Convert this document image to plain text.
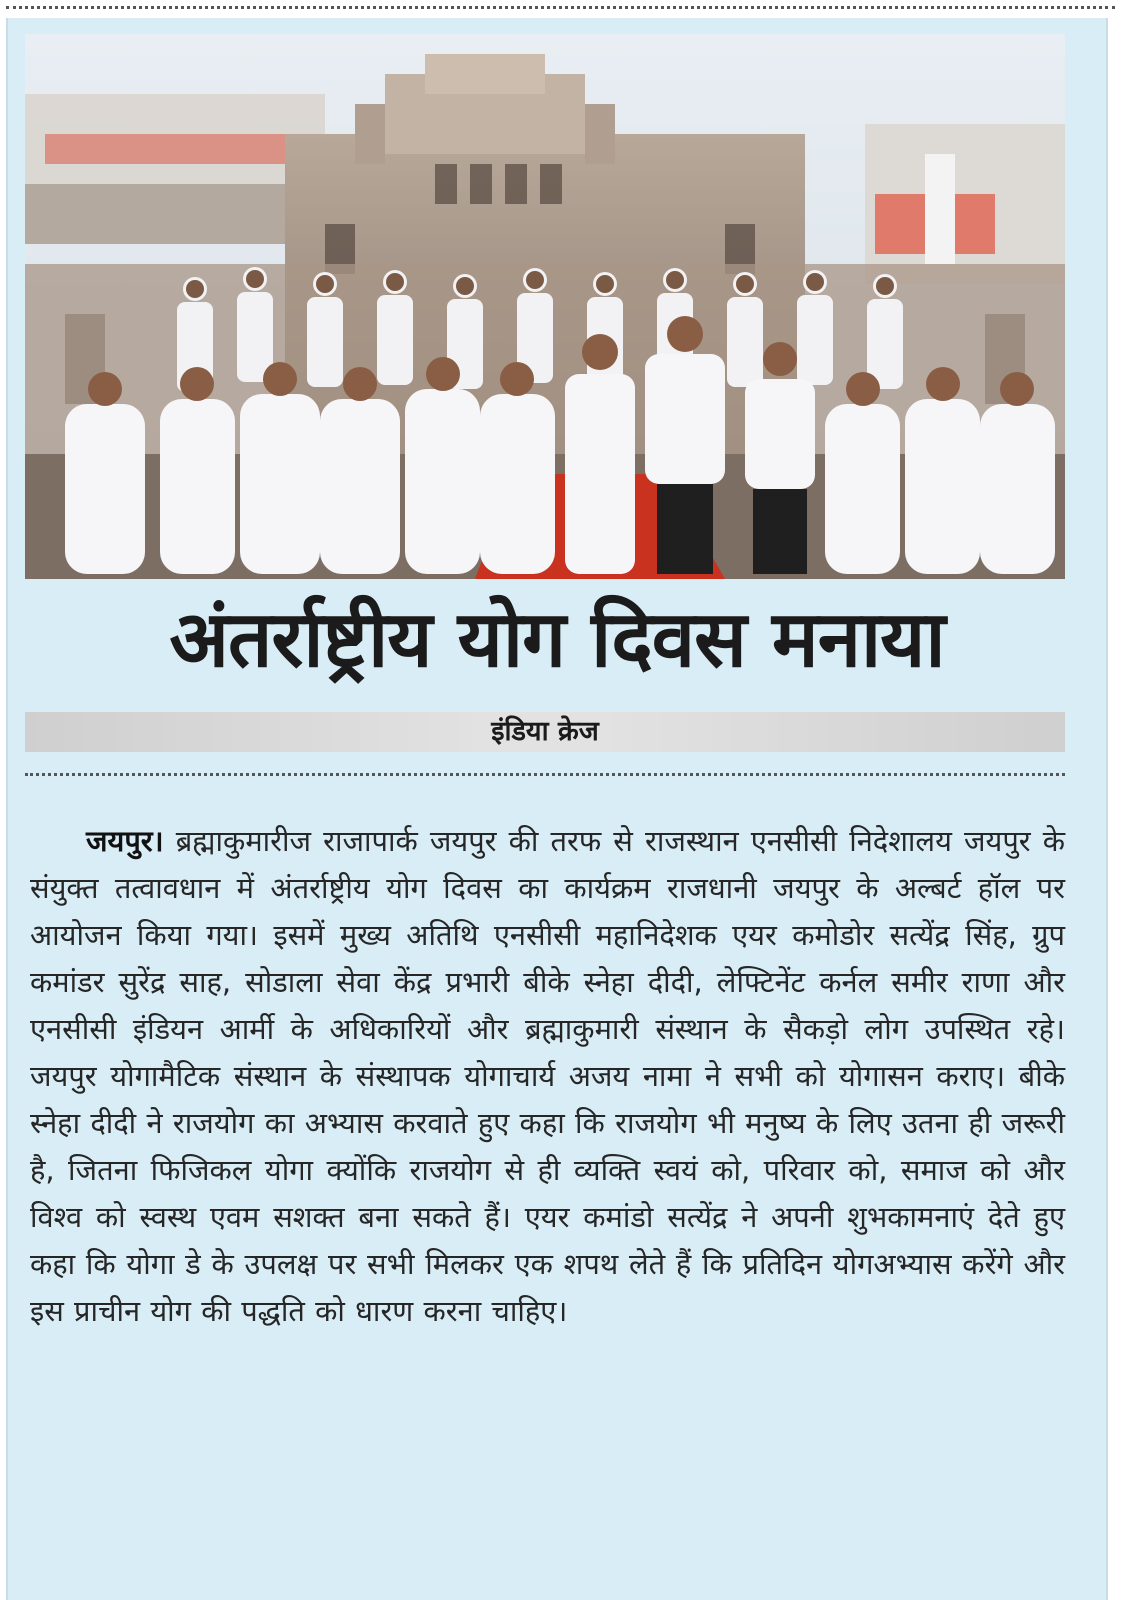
अंतर्राष्ट्रीय योग दिवस मनाया
इंडिया क्रेज

जयपुर। ब्रह्माकुमारीज राजापार्क जयपुर की तरफ से राजस्थान एनसीसी निदेशालय जयपुर के संयुक्त तत्वावधान में अंतर्राष्ट्रीय योग दिवस का कार्यक्रम राजधानी जयपुर के अल्बर्ट हॉल पर आयोजन किया गया। इसमें मुख्य अतिथि एनसीसी महानिदेशक एयर कमोडोर सत्येंद्र सिंह, ग्रुप कमांडर सुरेंद्र साह, सोडाला सेवा केंद्र प्रभारी बीके स्नेहा दीदी, लेफ्टिनेंट कर्नल समीर राणा और एनसीसी इंडियन आर्मी के अधिकारियों और ब्रह्माकुमारी संस्थान के सैकड़ो लोग उपस्थित रहे। जयपुर योगामैटिक संस्थान के संस्थापक योगाचार्य अजय नामा ने सभी को योगासन कराए। बीके स्नेहा दीदी ने राजयोग का अभ्यास करवाते हुए कहा कि राजयोग भी मनुष्य के लिए उतना ही जरूरी है, जितना फिजिकल योगा क्योंकि राजयोग से ही व्यक्ति स्वयं को, परिवार को, समाज को और विश्व को स्वस्थ एवम सशक्त बना सकते हैं। एयर कमांडो सत्येंद्र ने अपनी शुभकामनाएं देते हुए कहा कि योगा डे के उपलक्ष पर सभी मिलकर एक शपथ लेते हैं कि प्रतिदिन योगअभ्यास करेंगे और इस प्राचीन योग की पद्धति को धारण करना चाहिए।
